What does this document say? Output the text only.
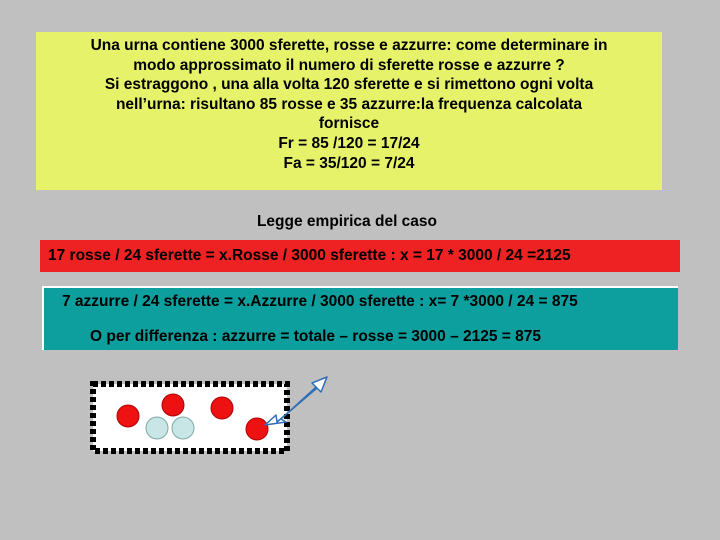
Una urna contiene 3000 sferette, rosse e azzurre: come determinare in
modo approssimato il numero di sferette rosse e azzurre ?
Si estraggono , una alla volta 120 sferette e si rimettono ogni volta
nell’urna: risultano 85 rosse e 35 azzurre:la frequenza calcolata
fornisce
Fr = 85 /120 = 17/24
Fa = 35/120 = 7/24
Legge empirica del caso
17 rosse / 24 sferette = x.Rosse / 3000 sferette : x = 17 * 3000 / 24 =2125
7 azzurre / 24 sferette = x.Azzurre / 3000 sferette : x= 7 *3000 / 24 = 875
O per differenza : azzurre = totale – rosse = 3000 – 2125 = 875
